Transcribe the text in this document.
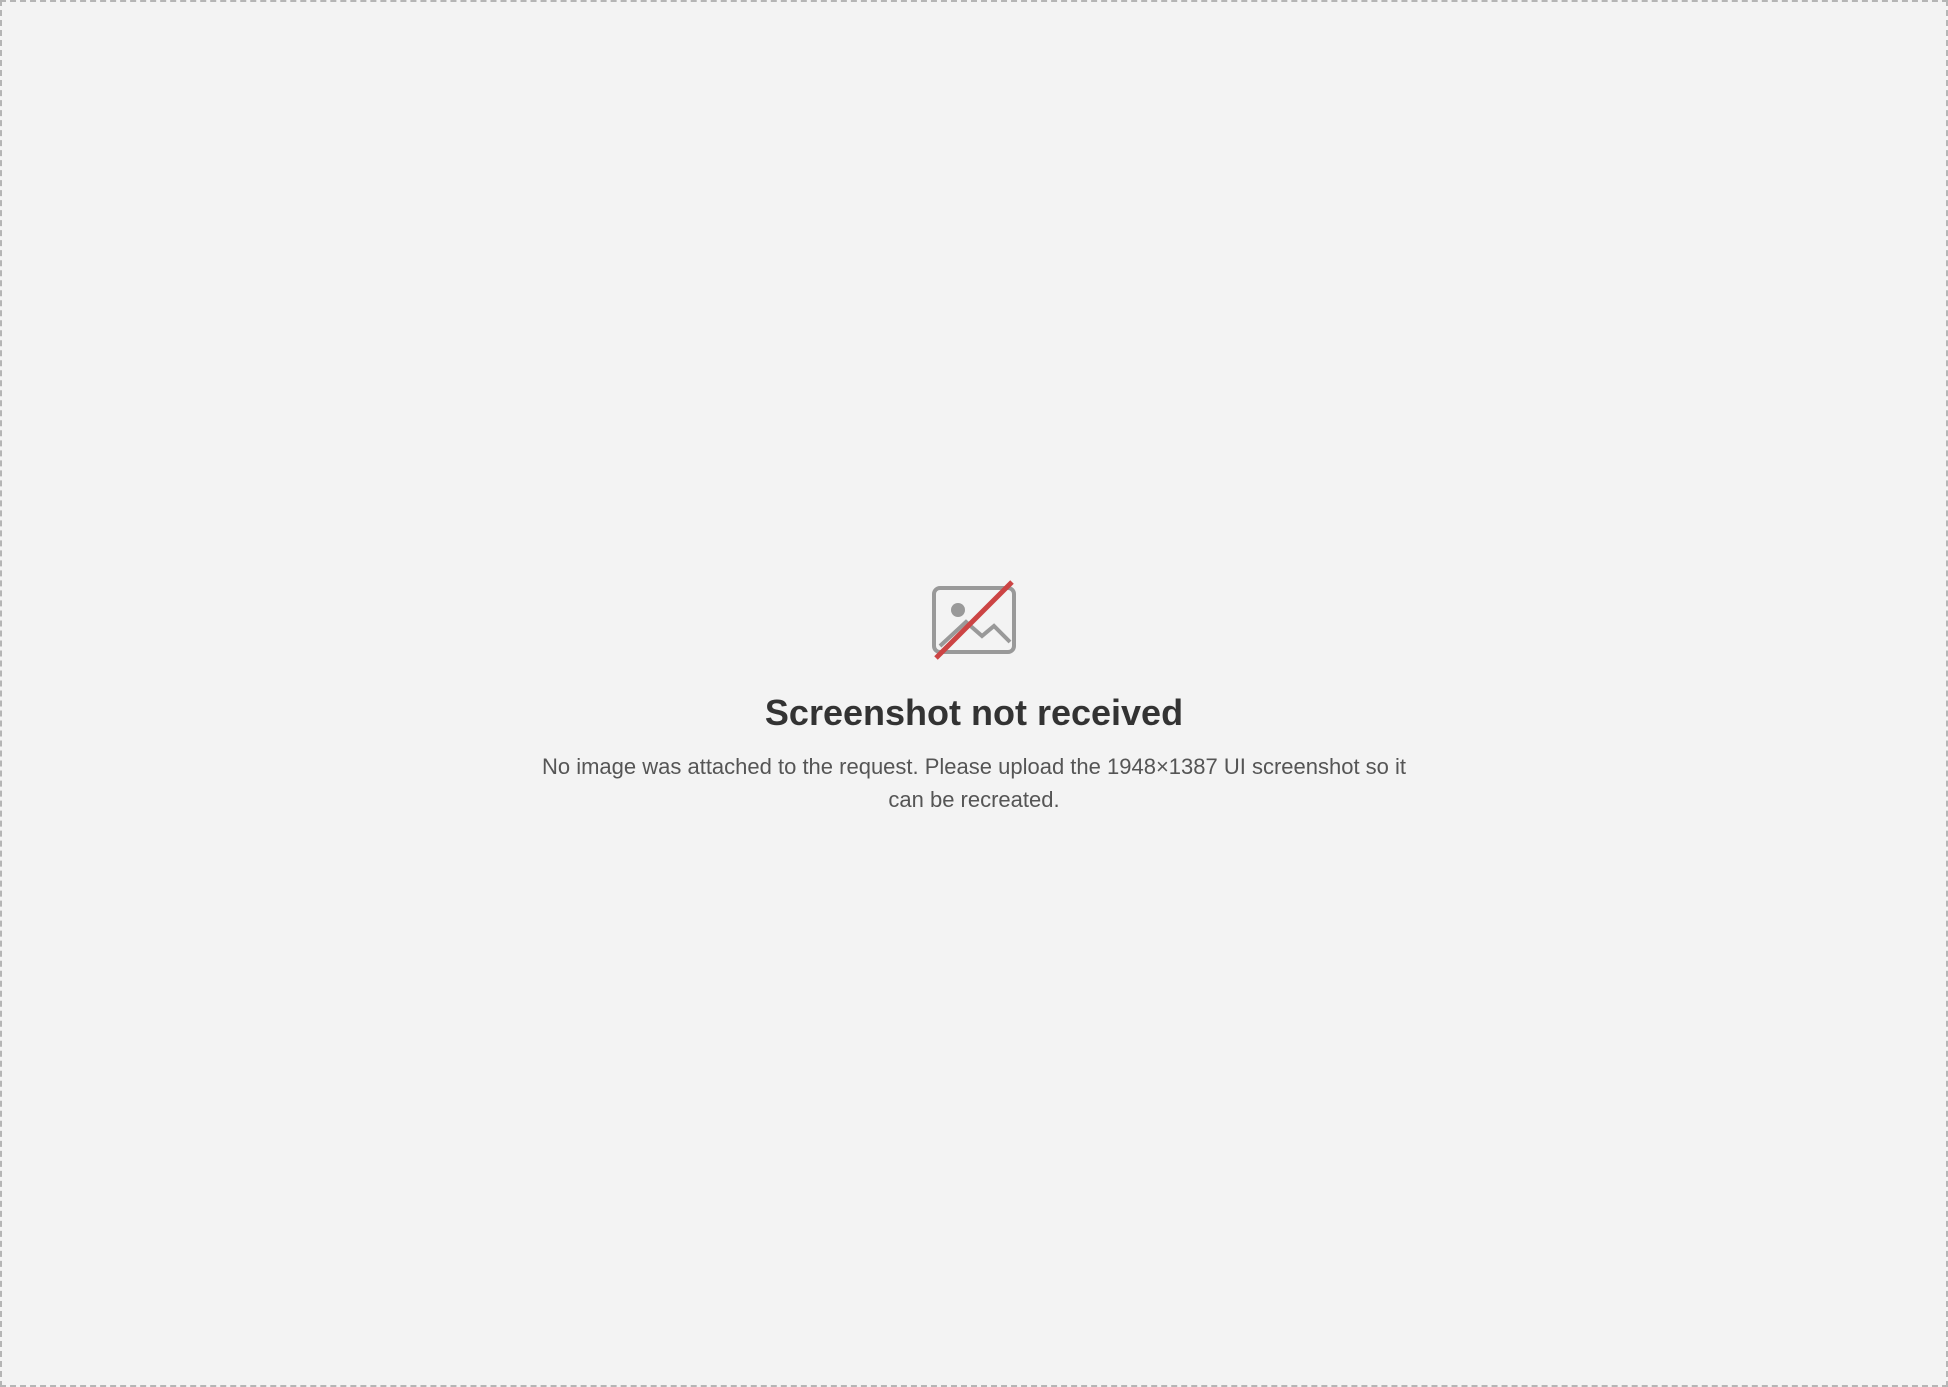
Screenshot not received

No image was attached to the request. Please upload the 1948×1387 UI screenshot so it can be recreated.
